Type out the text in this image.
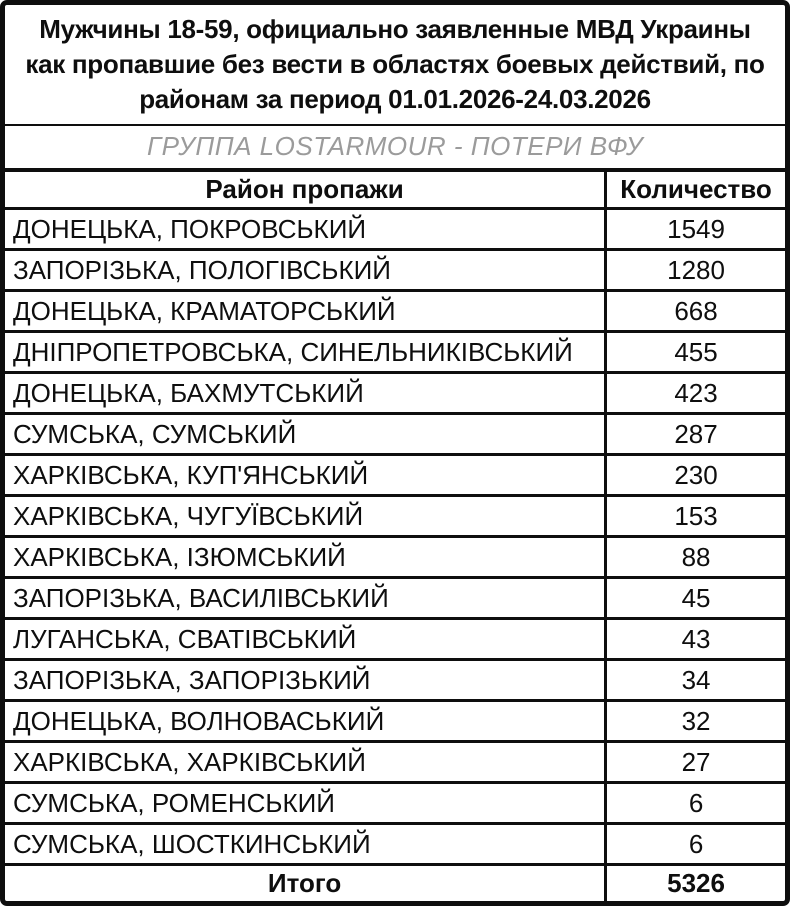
Мужчины 18-59, официально заявленные МВД Украины как пропавшие без вести в областях боевых действий, по районам за период 01.01.2026-24.03.2026
ГРУППА LOSTARMOUR - ПОТЕРИ ВФУ
Район пропажи	Количество
ДОНЕЦЬКА, ПОКРОВСЬКИЙ	1549
ЗАПОРІЗЬКА, ПОЛОГІВСЬКИЙ	1280
ДОНЕЦЬКА, КРАМАТОРСЬКИЙ	668
ДНІПРОПЕТРОВСЬКА, СИНЕЛЬНИКІВСЬКИЙ	455
ДОНЕЦЬКА, БАХМУТСЬКИЙ	423
СУМСЬКА, СУМСЬКИЙ	287
ХАРКІВСЬКА, КУП'ЯНСЬКИЙ	230
ХАРКІВСЬКА, ЧУГУЇВСЬКИЙ	153
ХАРКІВСЬКА, ІЗЮМСЬКИЙ	88
ЗАПОРІЗЬКА, ВАСИЛІВСЬКИЙ	45
ЛУГАНСЬКА, СВАТІВСЬКИЙ	43
ЗАПОРІЗЬКА, ЗАПОРІЗЬКИЙ	34
ДОНЕЦЬКА, ВОЛНОВАСЬКИЙ	32
ХАРКІВСЬКА, ХАРКІВСЬКИЙ	27
СУМСЬКА, РОМЕНСЬКИЙ	6
СУМСЬКА, ШОСТКИНСЬКИЙ	6
Итого	5326
